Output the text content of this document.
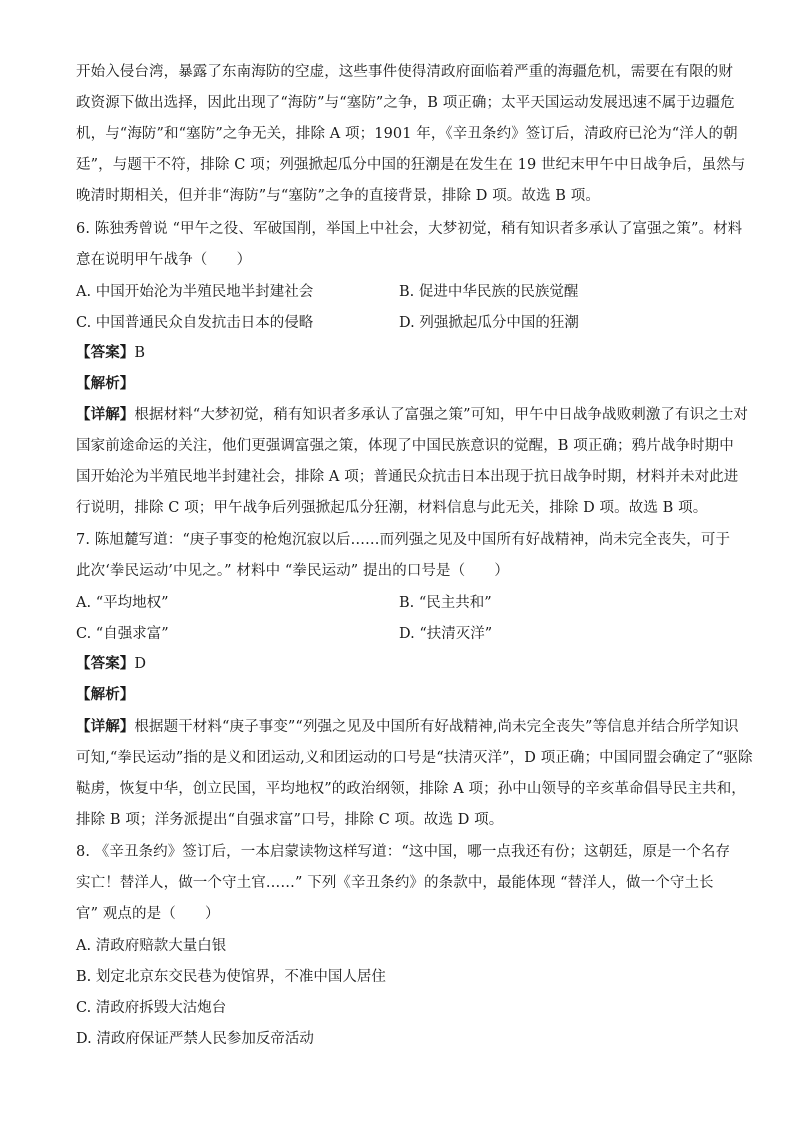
开始入侵台湾，暴露了东南海防的空虚，这些事件使得清政府面临着严重的海疆危机，需要在有限的财
政资源下做出选择，因此出现了“海防”与“塞防”之争，B 项正确；太平天国运动发展迅速不属于边疆危
机，与“海防”和“塞防”之争无关，排除 A 项；1901 年，《辛丑条约》签订后，清政府已沦为“洋人的朝
廷”，与题干不符，排除 C 项；列强掀起瓜分中国的狂潮是在发生在 19 世纪末甲午中日战争后，虽然与
晚清时期相关，但并非“海防”与“塞防”之争的直接背景，排除 D 项。故选 B 项。
6. 陈独秀曾说 “甲午之役、军破国削，举国上中社会，大梦初觉，稍有知识者多承认了富强之策”。材料
意在说明甲午战争（　　）
A. 中国开始沦为半殖民地半封建社会	B. 促进中华民族的民族觉醒
C. 中国普通民众自发抗击日本的侵略	D. 列强掀起瓜分中国的狂潮
【答案】B
【解析】
【详解】根据材料“大梦初觉，稍有知识者多承认了富强之策”可知，甲午中日战争战败刺激了有识之士对
国家前途命运的关注，他们更强调富强之策，体现了中国民族意识的觉醒，B 项正确；鸦片战争时期中
国开始沦为半殖民地半封建社会，排除 A 项；普通民众抗击日本出现于抗日战争时期，材料并未对此进
行说明，排除 C 项；甲午战争后列强掀起瓜分狂潮，材料信息与此无关，排除 D 项。故选 B 项。
7. 陈旭麓写道：“庚子事变的枪炮沉寂以后……而列强之见及中国所有好战精神，尚未完全丧失，可于
此次‘拳民运动’中见之。” 材料中 “拳民运动” 提出的口号是（　　）
A. “平均地权”	B. “民主共和”
C. “自强求富”	D. “扶清灭洋”
【答案】D
【解析】
【详解】根据题干材料“庚子事变”“列强之见及中国所有好战精神,尚未完全丧失”等信息并结合所学知识
可知,“拳民运动”指的是义和团运动,义和团运动的口号是“扶清灭洋”，D 项正确；中国同盟会确定了“驱除
鞑虏，恢复中华，创立民国，平均地权”的政治纲领，排除 A 项；孙中山领导的辛亥革命倡导民主共和，
排除 B 项；洋务派提出“自强求富”口号，排除 C 项。故选 D 项。
8. 《辛丑条约》签订后，一本启蒙读物这样写道：“这中国，哪一点我还有份；这朝廷，原是一个名存
实亡！替洋人，做一个守土官……” 下列《辛丑条约》的条款中，最能体现 “替洋人，做一个守土长
官” 观点的是（　　）
A. 清政府赔款大量白银
B. 划定北京东交民巷为使馆界，不准中国人居住
C. 清政府拆毁大沽炮台
D. 清政府保证严禁人民参加反帝活动
